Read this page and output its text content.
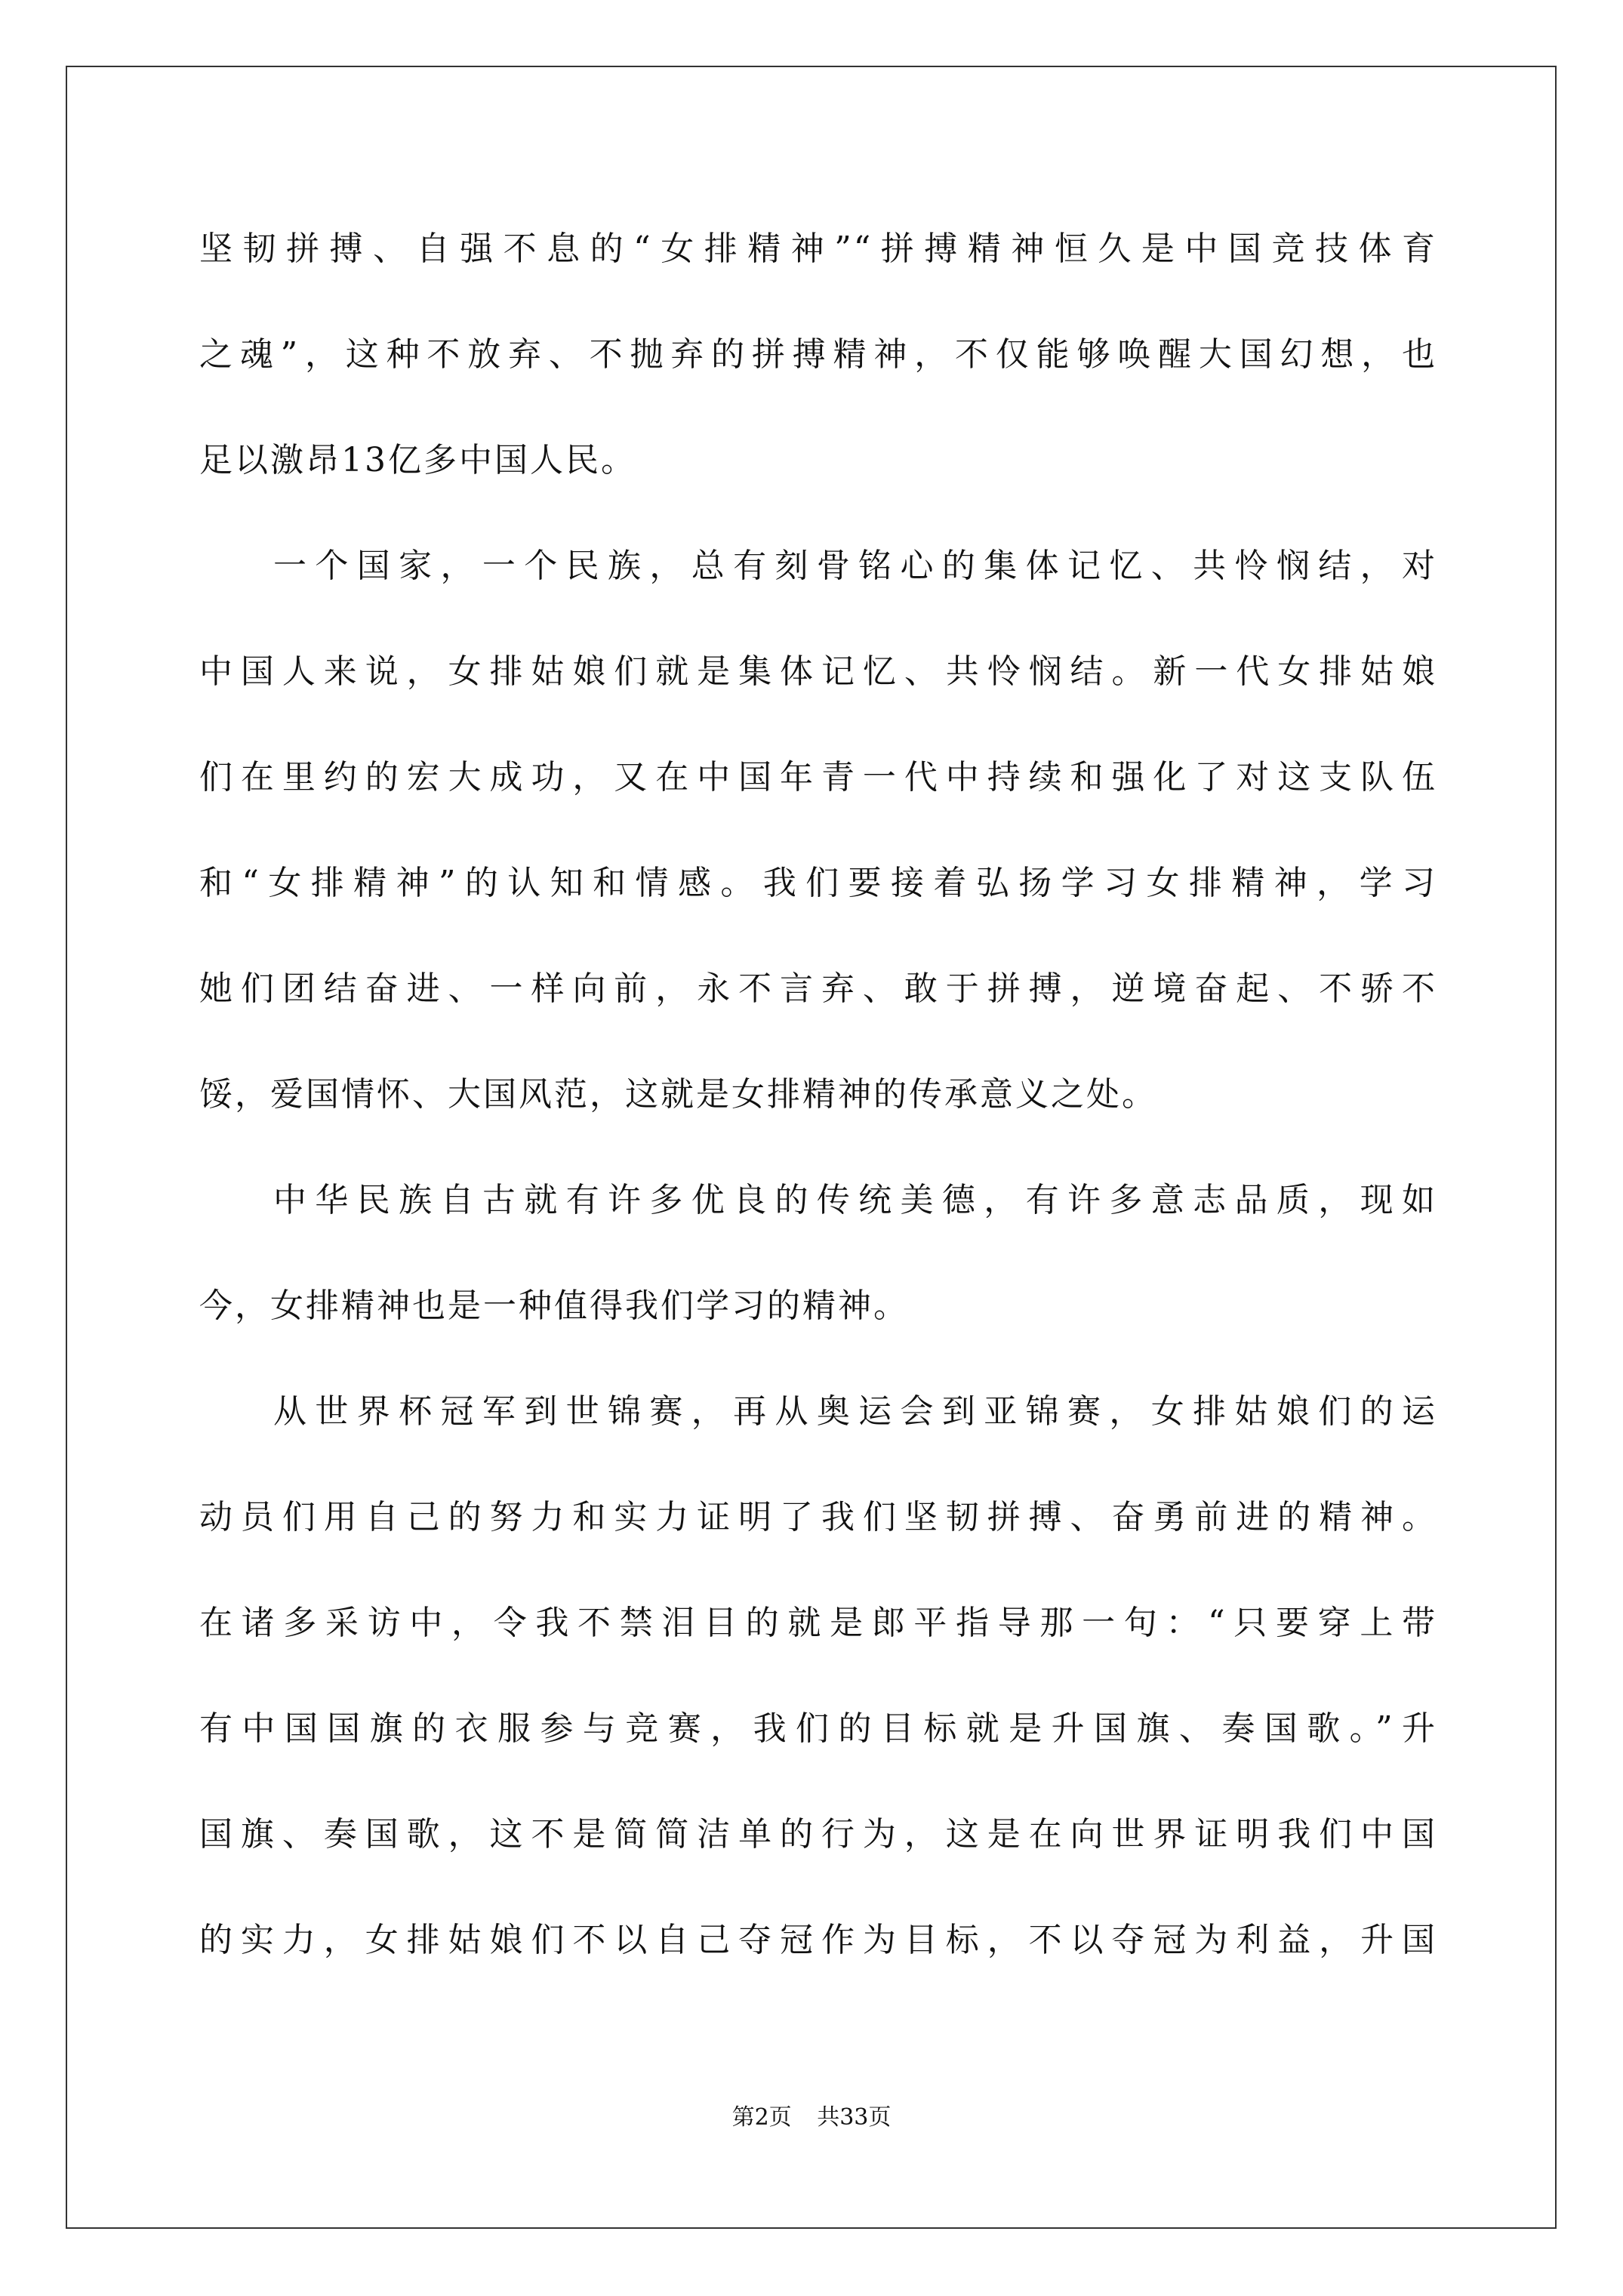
坚韧拼搏、自强不息的“女排精神”“拼搏精神恒久是中国竞技体育
之魂”，这种不放弃、不抛弃的拼搏精神，不仅能够唤醒大国幻想，也
足以激昂13亿多中国人民。
一个国家，一个民族，总有刻骨铭心的集体记忆、共怜悯结，对
中国人来说，女排姑娘们就是集体记忆、共怜悯结。新一代女排姑娘
们在里约的宏大成功，又在中国年青一代中持续和强化了对这支队伍
和“女排精神”的认知和情感。我们要接着弘扬学习女排精神，学习
她们团结奋进、一样向前，永不言弃、敢于拼搏，逆境奋起、不骄不
馁，爱国情怀、大国风范，这就是女排精神的传承意义之处。
中华民族自古就有许多优良的传统美德，有许多意志品质，现如
今，女排精神也是一种值得我们学习的精神。
从世界杯冠军到世锦赛，再从奥运会到亚锦赛，女排姑娘们的运
动员们用自己的努力和实力证明了我们坚韧拼搏、奋勇前进的精神。
在诸多采访中，令我不禁泪目的就是郎平指导那一句：“只要穿上带
有中国国旗的衣服参与竞赛，我们的目标就是升国旗、奏国歌。”升
国旗、奏国歌，这不是简简洁单的行为，这是在向世界证明我们中国
的实力，女排姑娘们不以自己夺冠作为目标，不以夺冠为利益，升国
第2页 共33页
